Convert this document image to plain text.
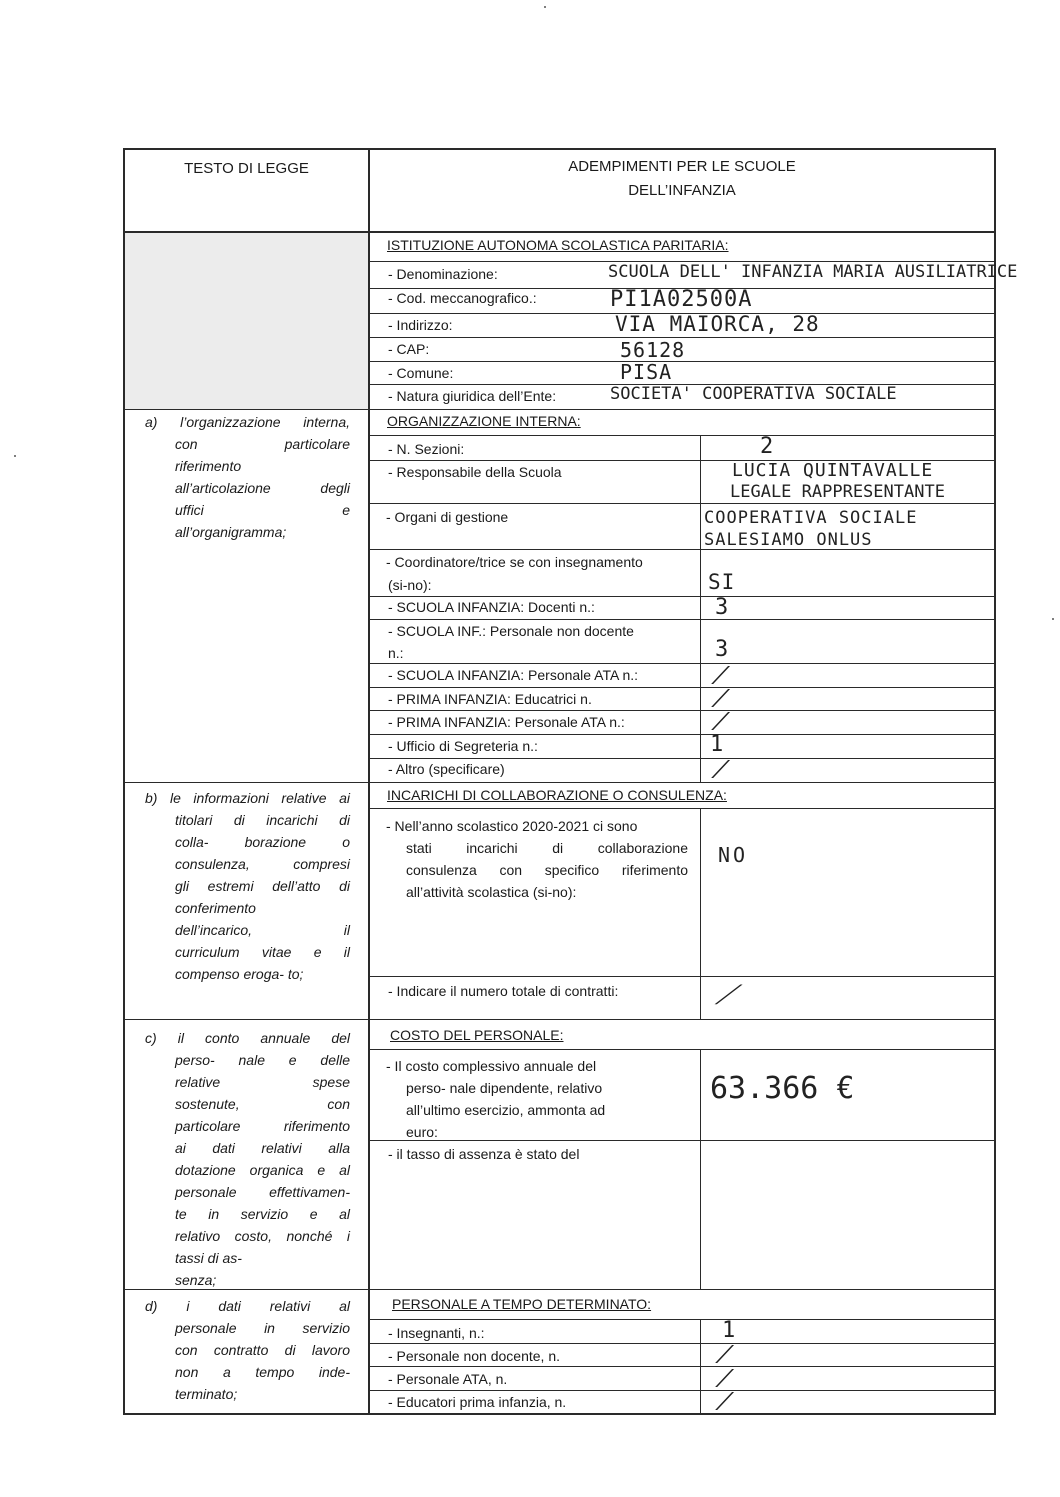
TESTO DI LEGGE	ADEMPIMENTI PER LE SCUOLE
DELL’INFANZIA
ISTITUZIONE AUTONOMA SCOLASTICA PARITARIA:
- Denominazione:	SCUOLA DELL' INFANZIA MARIA AUSILIATRICE
- Cod. meccanografico.:	PI1A02500A
- Indirizzo:	VIA MAIORCA, 28
- CAP:	56128
- Comune:	PISA
- Natura giuridica dell’Ente:	SOCIETA' COOPERATIVA SOCIALE
a) l’organizzazione interna,
con particolare
riferimento
all’articolazione degli
uffici e
all’organigramma;
ORGANIZZAZIONE INTERNA:
- N. Sezioni:	2
- Responsabile della Scuola	LUCIA QUINTAVALLE
LEGALE RAPPRESENTANTE
- Organi di gestione	COOPERATIVA SOCIALE
SALESIAMO ONLUS
- Coordinatore/trice se con insegnamento
(si-no):	SI
- SCUOLA INFANZIA: Docenti n.:	3
- SCUOLA INF.: Personale non docente
n.:	3
- SCUOLA INFANZIA: Personale ATA n.:	/
- PRIMA INFANZIA: Educatrici n.	/
- PRIMA INFANZIA: Personale ATA n.:	/
- Ufficio di Segreteria n.:	1
- Altro (specificare)	/
b) le informazioni relative ai
titolari di incarichi di
colla- borazione o
consulenza, compresi
gli estremi dell’atto di
conferimento
dell’incarico, il
curriculum vitae e il
compenso eroga- to;
INCARICHI DI COLLABORAZIONE O CONSULENZA:
- Nell’anno scolastico 2020-2021 ci sono
stati incarichi di collaborazione
consulenza con specifico riferimento
all’attività scolastica (si-no):
NO
- Indicare il numero totale di contratti:	/
c) il conto annuale del
perso- nale e delle
relative spese
sostenute, con
particolare riferimento
ai dati relativi alla
dotazione organica e al
personale effettivamen-
te in servizio e al
relativo costo, nonché i
tassi di as-
senza;
COSTO DEL PERSONALE:
- Il costo complessivo annuale del
perso- nale dipendente, relativo
all’ultimo esercizio, ammonta ad
euro:
63.366 €
- il tasso di assenza è stato del
d) i dati relativi al
personale in servizio
con contratto di lavoro
non a tempo inde-
terminato;
PERSONALE A TEMPO DETERMINATO:
- Insegnanti, n.:	1
- Personale non docente, n.	/
- Personale ATA, n.	/
- Educatori prima infanzia, n.	/
